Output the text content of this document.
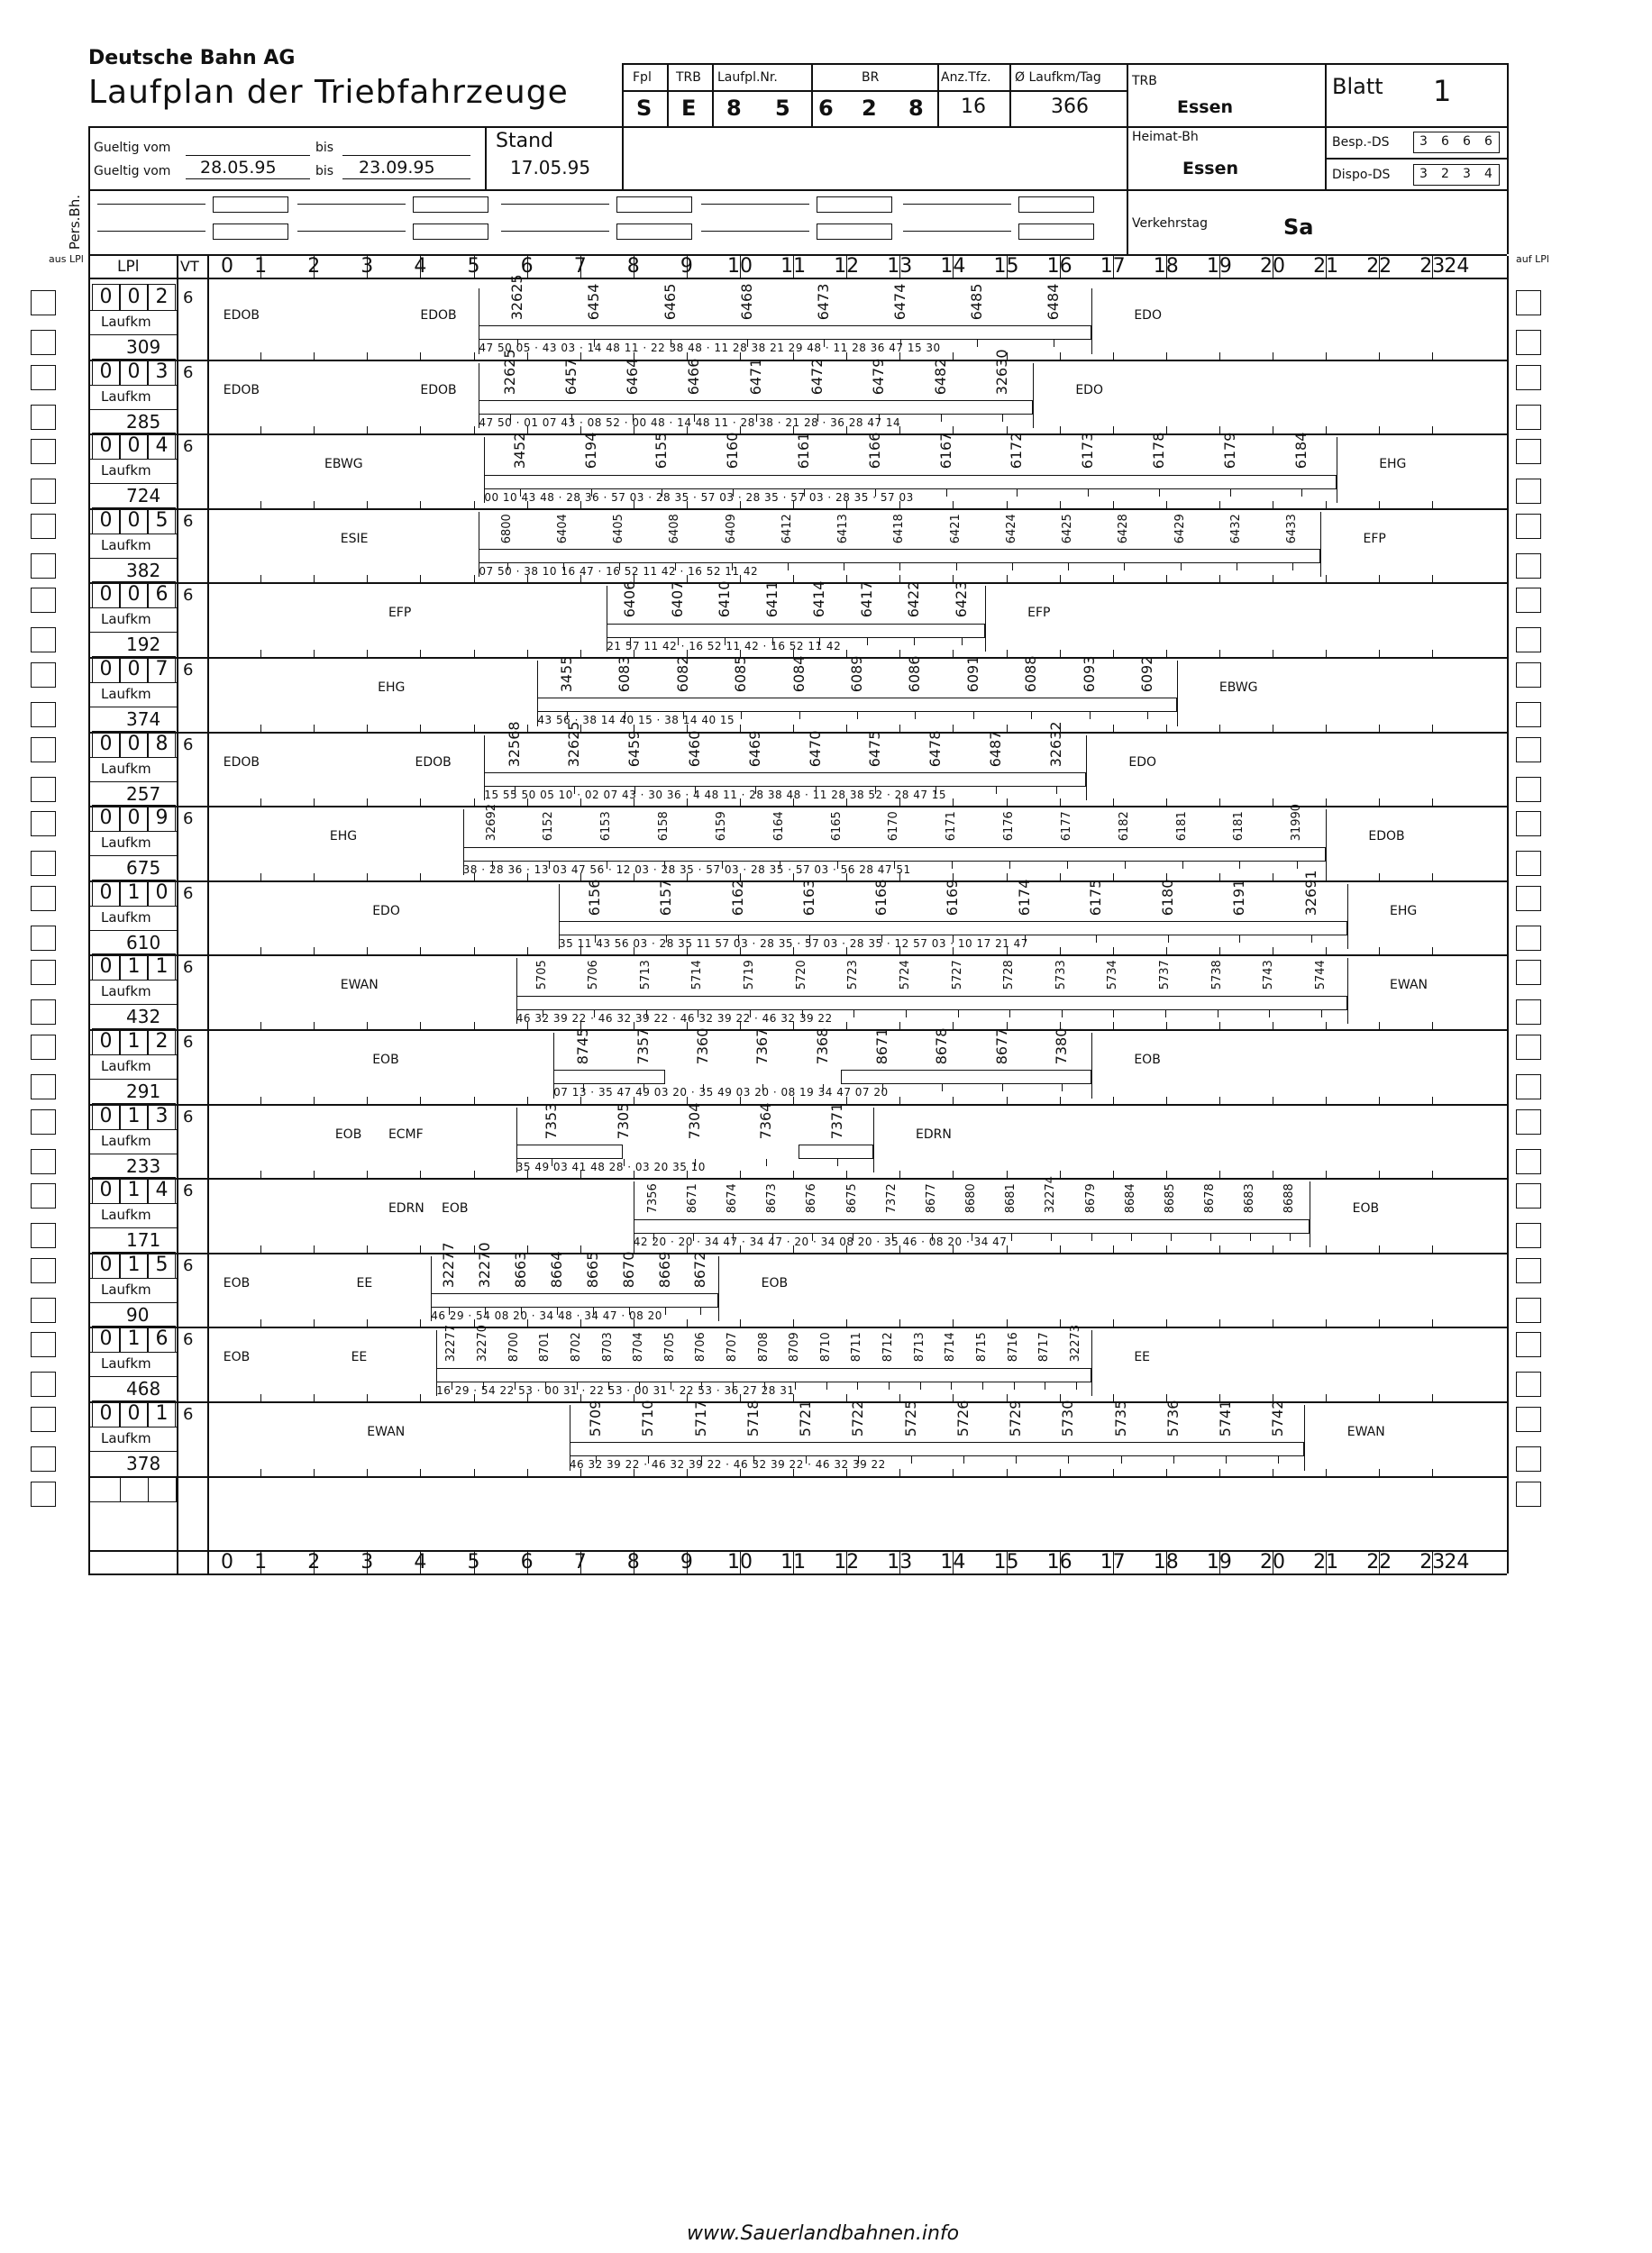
Deutsche Bahn AG
Laufplan der Triebfahrzeuge
Gueltig vom	bis
Gueltig vom 28.05.95	bis 23.09.95
Stand
17.05.95
Fpl TRB Laufpl.Nr.	BR	Anz.Tfz. Ø Laufkm/Tag
S E 8 5 6 2 8 16	366
TRB
Essen
Heimat-Bh
Essen
Blatt 1
Besp.-DS 3 6 6 6
Dispo-DS 3 2 3 4
Pers.Bh.	Verkehrstag	Sa
aus LPl LPl	VT	auf LPl
0
0
1
1
2
2
3
3
4
4
5
5
6
6
7
7
8
8
9
9
10
10
11
11
12
12
13
13
14
14
15
15
16
16
17
17
18
18
19
19
20
20
21
21
22
22
23
23
24
24
0 0 2 6
Laufkm
309
EDOB	EDOB	32625	6454	6465	6468	6473	6474	6485	6484
47 50 05 · 43 03 · 14 48 11 · 22 38 48 · 11 28 38 21 29 48 · 11 28 36 47 15 30
EDO
0 0 3 6
Laufkm
285
EDOB	EDOB	32625	6457	6464	6466	6471	6472	6479	6482	32630
47 50 · 01 07 43 · 08 52 · 00 48 · 14 48 11 · 28 38 · 21 28 · 36 28 47 14
EDO
0 0 4 6
Laufkm
724
EBWG	3452	6194	6155	6160	6161	6166	6167	6172	6173	6178	6179	6184
00 10 43 48 · 28 36 · 57 03 · 28 35 · 57 03 · 28 35 · 57 03 · 28 35 · 57 03
EHG
0 0 5 6
Laufkm
382
ESIE	6800	6404	6405	6408	6409	6412	6413	6418	6421	6424	6425	6428	6429	6432	6433
07 50 · 38 10 16 47 · 16 52 11 42 · 16 52 11 42
EFP
0 0 6 6
Laufkm
192
EFP	6406 6407 6410 6411 6414 6417 6422 6423
21 57 11 42 · 16 52 11 42 · 16 52 11 42
EFP
0 0 7 6
Laufkm
374
EHG	3455	6083	6082	6085	6084	6089	6086	6091	6088	6093	6092
43 56 · 38 14 40 15 · 38 14 40 15
EBWG
0 0 8 6
Laufkm
257
EDOB	EDOB	32568	32625	6459	6460	6469	6470	6475	6478	6487	32632
15 55 50 05 10 · 02 07 43 · 30 36 · 4 48 11 · 28 38 48 · 11 28 38 52 · 28 47 15
EDO
0 0 9 6
Laufkm
675
EHG	32692	6152	6153	6158	6159	6164	6165	6170	6171	6176	6177	6182	6181	6181	31990
38 · 28 36 · 13 03 47 56 · 12 03 · 28 35 · 57 03 · 28 35 · 57 03 · 56 28 47 51
EDOB
0 1 0 6
Laufkm
610
EDO	6156	6157	6162	6163	6168	6169	6174	6175	6180	6191	32691
35 11 43 56 03 · 28 35 11 57 03 · 28 35 · 57 03 · 28 35 · 12 57 03 · 10 17 21 47
EHG
0 1 1 6
Laufkm
432
EWAN	5705	5706	5713	5714	5719	5720	5723	5724	5727	5728	5733	5734	5737	5738	5743	5744
46 32 39 22 · 46 32 39 22 · 46 32 39 22 · 46 32 39 22
EWAN
0 1 2 6
Laufkm
291
EOB	8745	7357	7360	7367	7368	8671	8678	8677	7380
07 13 · 35 47 49 03 20 · 35 49 03 20 · 08 19 34 47 07 20
EOB
0 1 3 6
Laufkm
233
EOB ECMF	7353	7305	7304	7364	7371
35 49 03 41 48 28 · 03 20 35 10
EDRN
0 1 4 6
Laufkm
171
EDRN EOB	7356 8671 8674 8673 8676 8675 7372 8677 8680 8681 32274 8679 8684 8685 8678 8683 8688
42 20 · 20 · 34 47 · 34 47 · 20 · 34 08 20 · 35 46 · 08 20 · 34 47
EOB
0 1 5 6
Laufkm
90
EOB	EE	32277 32270 8663 8664 8665 8670 8669 8672
46 29 · 54 08 20 · 34 48 · 34 47 · 08 20
EOB
0 1 6 6
Laufkm
468
EOB	EE	32277 32270 8700 8701 8702 8703 8704 8705 8706 8707 8708 8709 8710 8711 8712 8713 8714 8715 8716 8717 32273
16 29 · 54 22 53 · 00 31 · 22 53 · 00 31 · 22 53 · 36 27 28 31
EE
0 0 1 6
Laufkm
378
EWAN	5709 5710 5717 5718 5721 5722 5725 5726 5729 5730 5735 5736 5741 5742
46 32 39 22 · 46 32 39 22 · 46 32 39 22 · 46 32 39 22
EWAN
www.Sauerlandbahnen.info
